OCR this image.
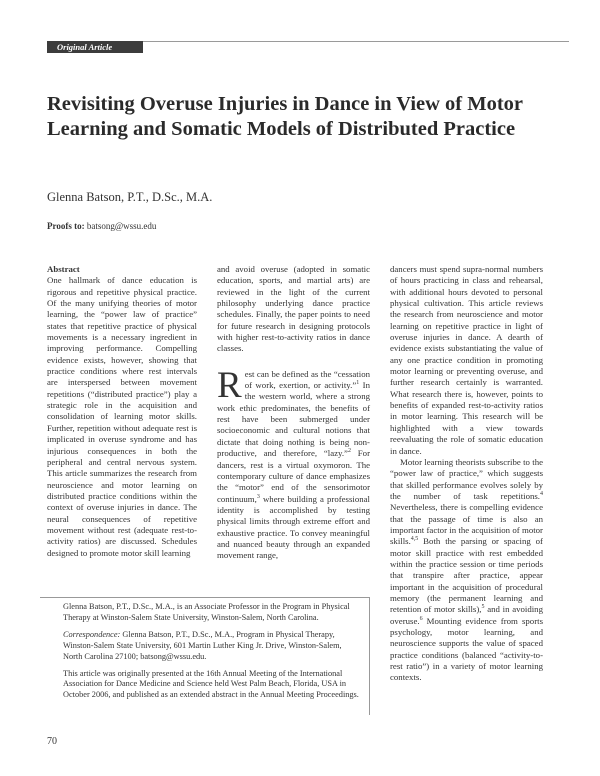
Original Article
Revisiting Overuse Injuries in Dance in View of Motor Learning and Somatic Models of Distributed Practice
Glenna Batson, P.T., D.Sc., M.A.
Proofs to: batsong@wssu.edu

Abstract

One hallmark of dance education is rigorous and repetitive physical practice. Of the many unifying theories of motor learning, the “power law of practice” states that repetitive practice of physical movements is a necessary ingredient in improving performance. Compelling evidence exists, however, showing that practice conditions where rest intervals are interspersed between movement repetitions (“distributed practice”) play a strategic role in the acquisition and consolidation of learning motor skills. Further, repetition without adequate rest is implicated in overuse syndrome and has injurious consequences in both the peripheral and central nervous system. This article summarizes the research from neuroscience and motor learning on distributed practice conditions within the context of overuse injuries in dance. The neural consequences of repetitive movement without rest (adequate rest-to-activity ratios) are discussed. Schedules designed to promote motor skill learning

and avoid overuse (adopted in somatic education, sports, and martial arts) are reviewed in the light of the current philosophy underlying dance practice schedules. Finally, the paper points to need for future research in designing protocols with higher rest-to-activity ratios in dance classes.

Rest can be defined as the “cessation of work, exertion, or activity.”$^1$ In the western world, where a strong work ethic predominates, the benefits of rest have been submerged under socioeconomic and cultural notions that dictate that doing nothing is being non-productive, and therefore, “lazy.”$^2$ For dancers, rest is a virtual oxymoron. The contemporary culture of dance emphasizes the “motor” end of the sensorimotor continuum,$^3$ where building a professional identity is accomplished by testing physical limits through extreme effort and exhaustive practice. To convey meaningful and nuanced beauty through an expanded movement range,

dancers must spend supra-normal numbers of hours practicing in class and rehearsal, with additional hours devoted to personal physical cultivation. This article reviews the research from neuroscience and motor learning on repetitive practice in light of overuse injuries in dance. A dearth of evidence exists substantiating the value of any one practice condition in promoting motor learning or preventing overuse, and further research certainly is warranted. What research there is, however, points to benefits of expanded rest-to-activity ratios in motor learning. This research will be highlighted with a view towards reevaluating the role of somatic education in dance.

Motor learning theorists subscribe to the “power law of practice,” which suggests that skilled performance evolves solely by the number of task repetitions.$^4$ Nevertheless, there is compelling evidence that the passage of time is also an important factor in the acquisition of motor skills.$^{4,5}$ Both the parsing or spacing of motor skill practice with rest embedded within the practice session or time periods that transpire after practice, appear important in the acquisition of procedural memory (the permanent learning and retention of motor skills),$^5$ and in avoiding overuse.$^6$ Mounting evidence from sports psychology, motor learning, and neuroscience supports the value of spaced practice conditions (balanced “activity-to-rest ratio”) in a variety of motor learning contexts.

Glenna Batson, P.T., D.Sc., M.A., is an Associate Professor in the Program in Physical Therapy at Winston-Salem State University, Winston-Salem, North Carolina.

Correspondence: Glenna Batson, P.T., D.Sc., M.A., Program in Physical Therapy, Winston-Salem State University, 601 Martin Luther King Jr. Drive, Winston-Salem, North Carolina 27100; batsong@wssu.edu.

This article was originally presented at the 16th Annual Meeting of the International Association for Dance Medicine and Science held West Palm Beach, Florida, USA in October 2006, and published as an extended abstract in the Annual Meeting Proceedings.

70
